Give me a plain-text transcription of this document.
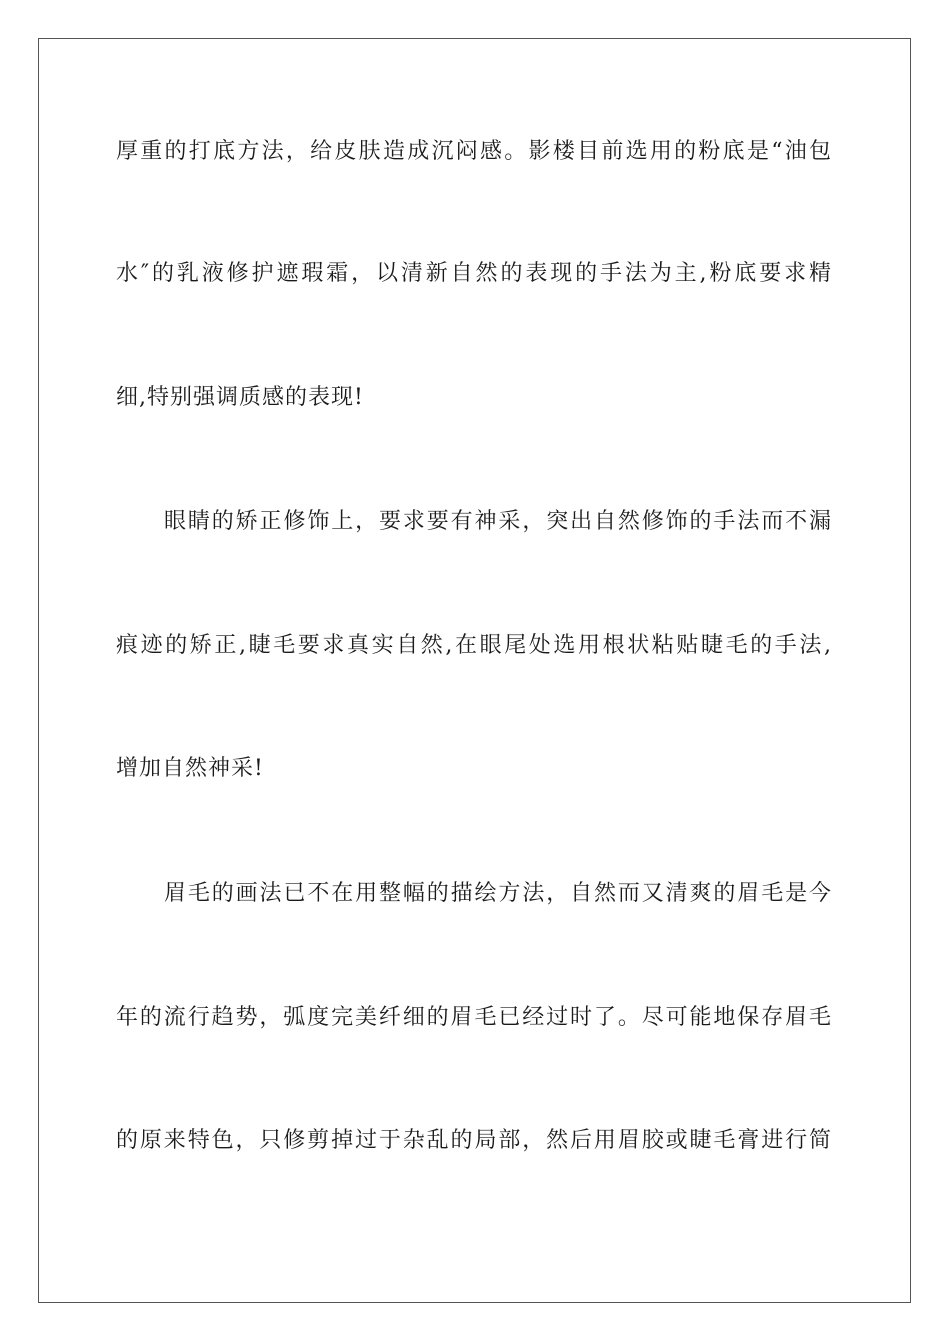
厚重的打底方法，给皮肤造成沉闷感。影楼目前选用的粉底是“油包
水″的乳液修护遮瑕霜，以清新自然的表现的手法为主,粉底要求精
细,特别强调质感的表现!
眼睛的矫正修饰上，要求要有神采，突出自然修饰的手法而不漏
痕迹的矫正,睫毛要求真实自然,在眼尾处选用根状粘贴睫毛的手法,
增加自然神采!
眉毛的画法已不在用整幅的描绘方法，自然而又清爽的眉毛是今
年的流行趋势，弧度完美纤细的眉毛已经过时了。尽可能地保存眉毛
的原来特色，只修剪掉过于杂乱的局部，然后用眉胶或睫毛膏进行简
